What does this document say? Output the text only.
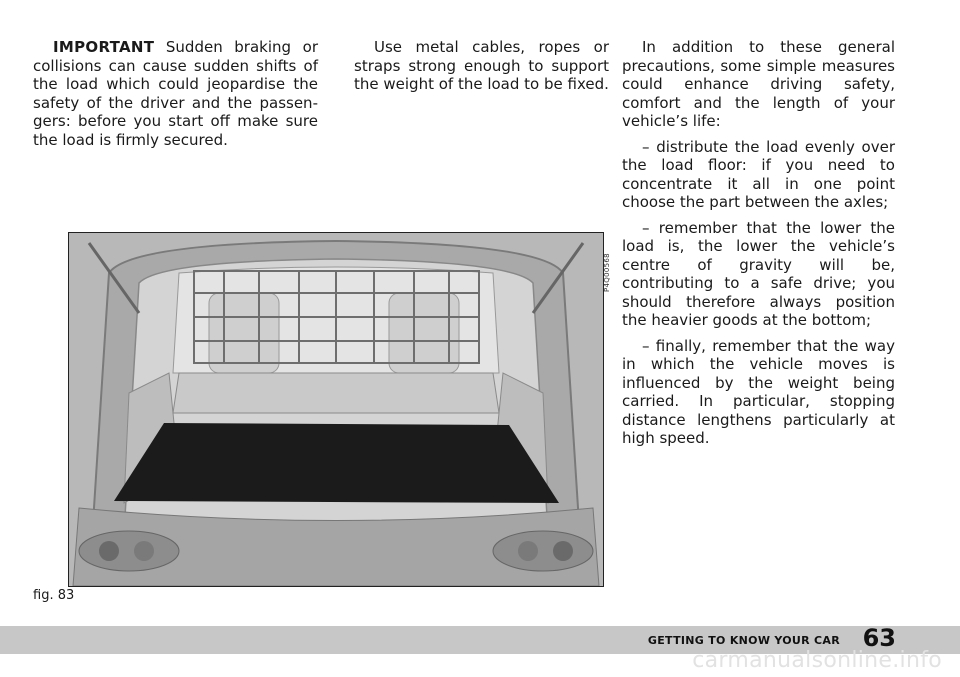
IMPORTANT Sudden braking or collisions can cause sudden shifts of the load which could jeopardise the safety of the driver and the passengers: before you start off make sure the load is firmly secured.

Use metal cables, ropes or straps strong enough to support the weight of the load to be fixed.

In addition to these general precautions, some simple measures could enhance driving safety, comfort and the length of your vehicle’s life:

– distribute the load evenly over the load floor: if you need to concentrate it all in one point choose the part between the axles;

– remember that the lower the load is, the lower the vehicle’s centre of gravity will be, contributing to a safe drive; you should therefore always position the heavier goods at the bottom;

– finally, remember that the way in which the vehicle moves is influenced by the weight being carried. In particular, stopping distance lengthens particularly at high speed.

P4Q00568
fig. 83
GETTING TO KNOW YOUR CAR 63
carmanualsonline.info
